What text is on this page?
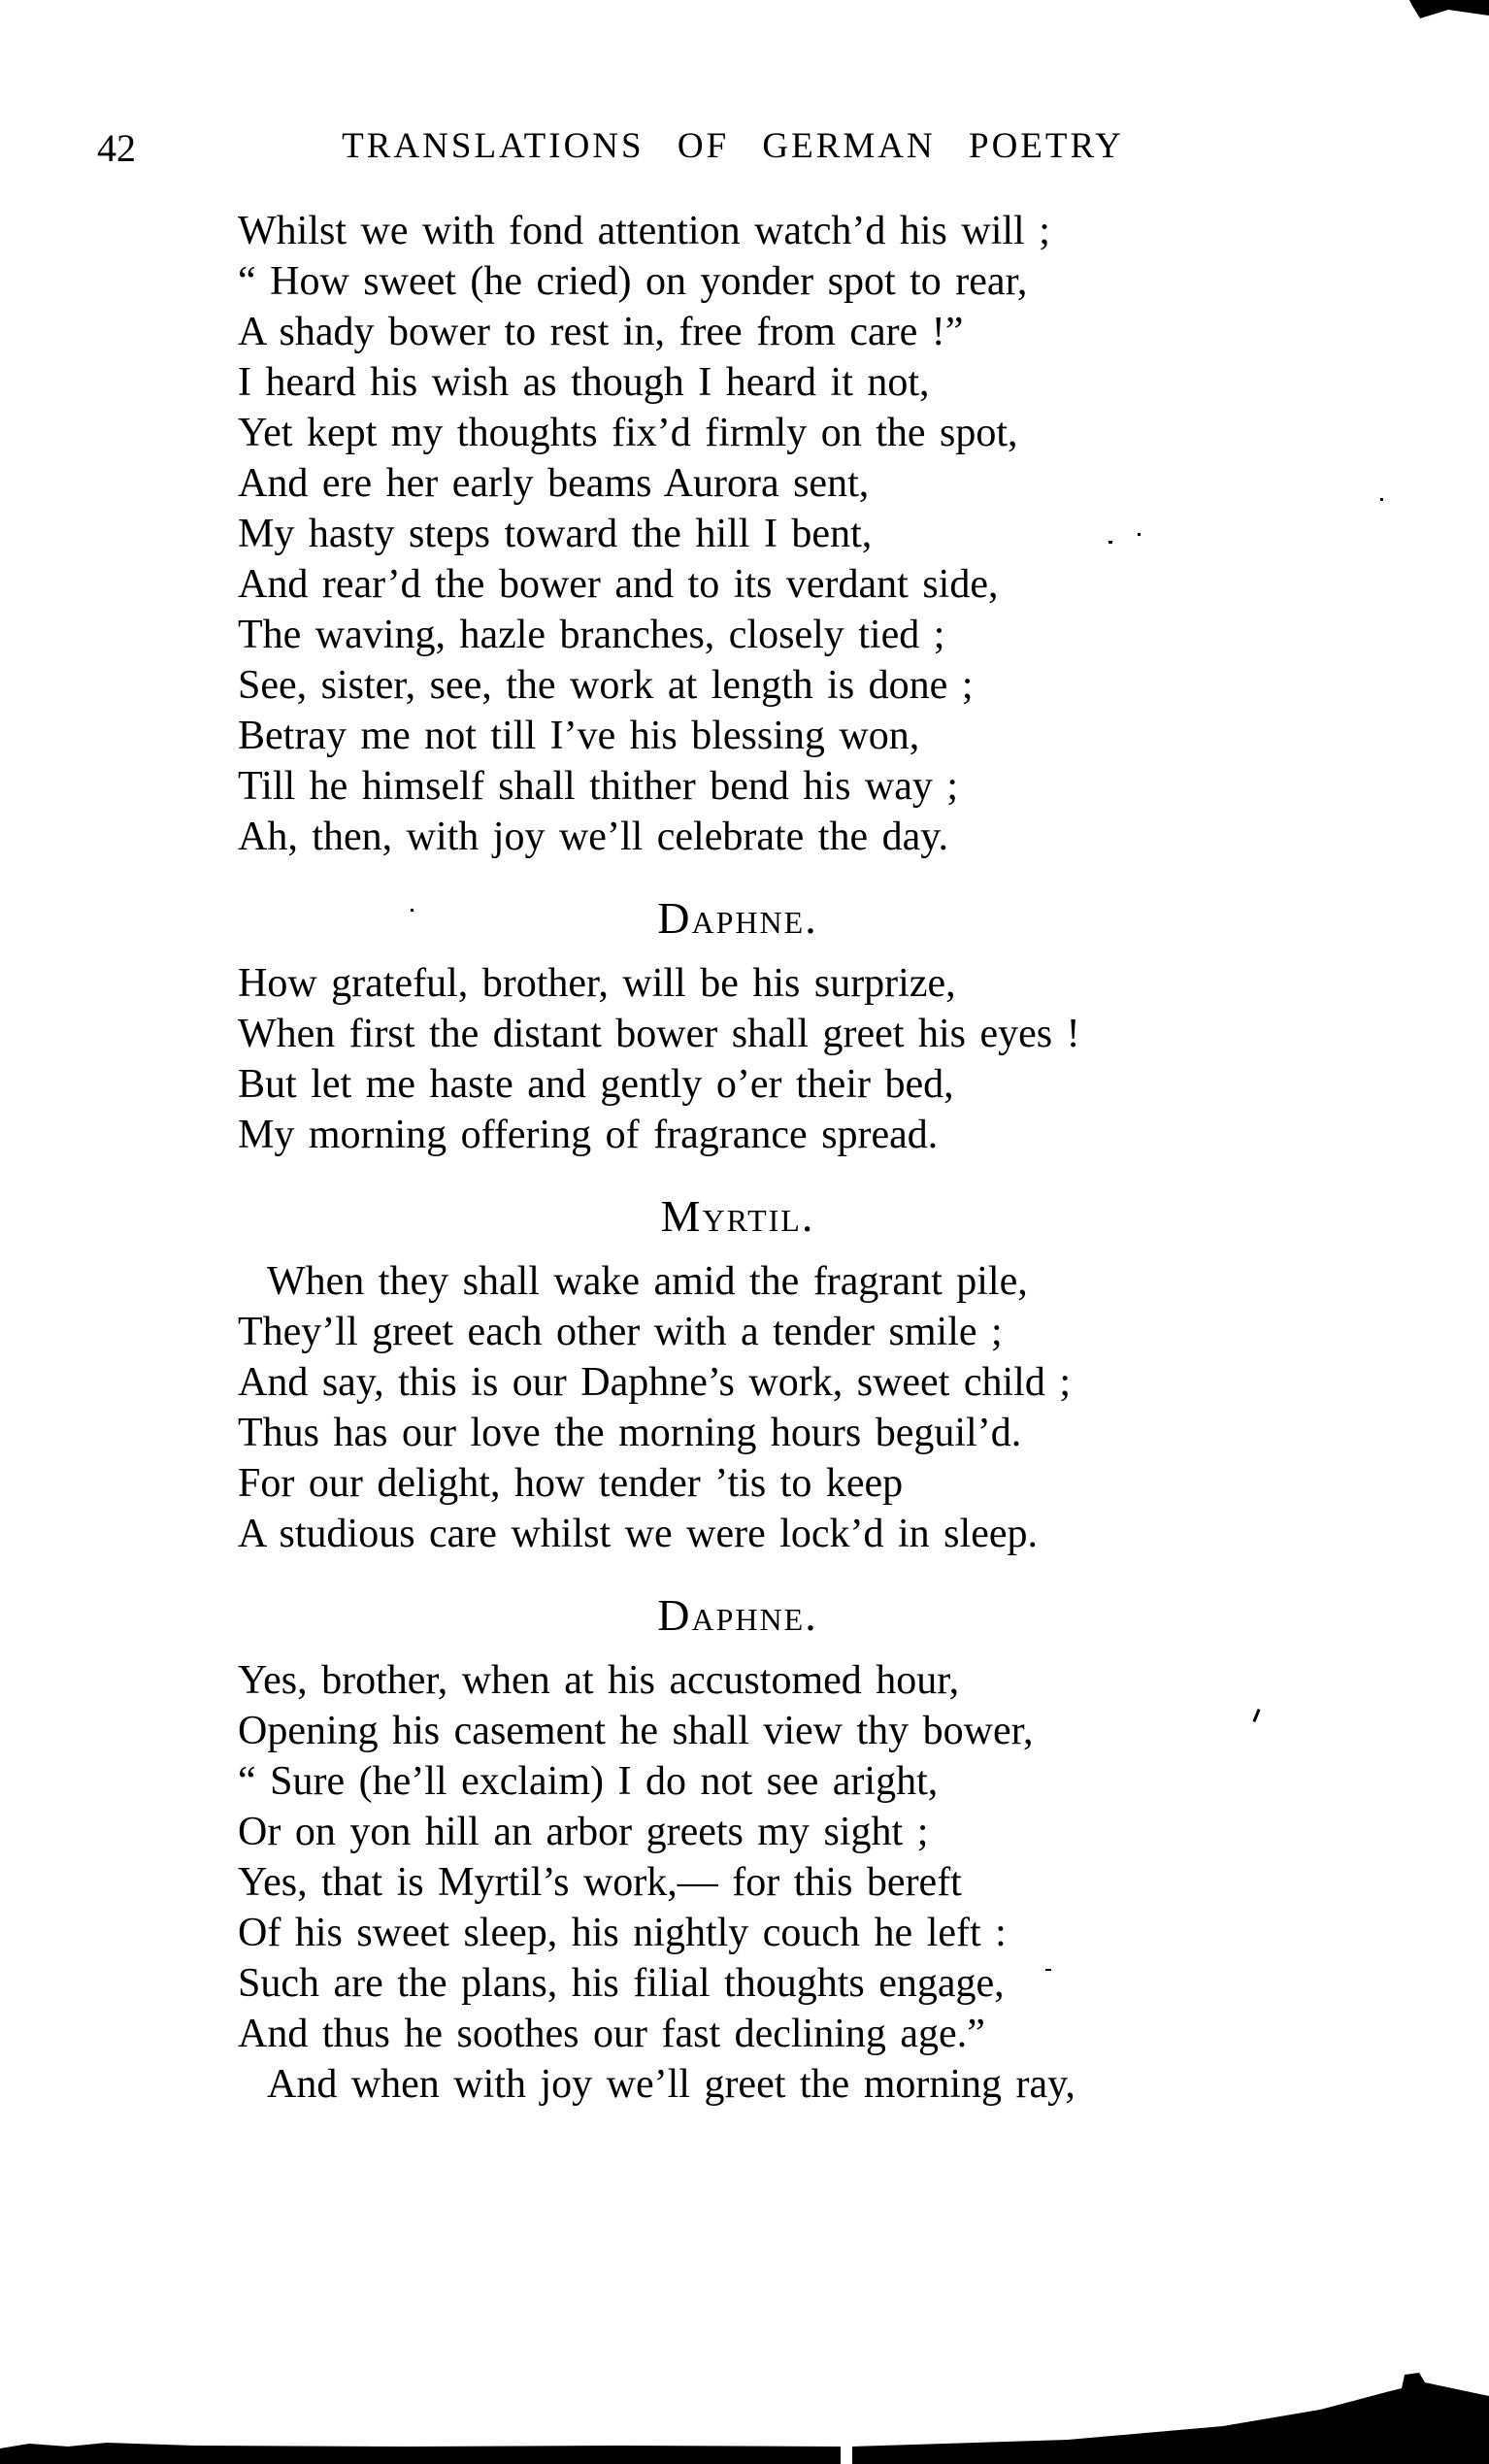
42	TRANSLATIONS OF GERMAN POETRY
Whilst we with fond attention watch’d his will ;
“ How sweet (he cried) on yonder spot to rear,
A shady bower to rest in, free from care !”
I heard his wish as though I heard it not,
Yet kept my thoughts fix’d firmly on the spot,
And ere her early beams Aurora sent,
My hasty steps toward the hill I bent,
And rear’d the bower and to its verdant side,
The waving, hazle branches, closely tied ;
See, sister, see, the work at length is done ;
Betray me not till I’ve his blessing won,
Till he himself shall thither bend his way ;
Ah, then, with joy we’ll celebrate the day.
Daphne.
How grateful, brother, will be his surprize,
When first the distant bower shall greet his eyes !
But let me haste and gently o’er their bed,
My morning offering of fragrance spread.
Myrtil.
When they shall wake amid the fragrant pile,
They’ll greet each other with a tender smile ;
And say, this is our Daphne’s work, sweet child ;
Thus has our love the morning hours beguil’d.
For our delight, how tender ’tis to keep
A studious care whilst we were lock’d in sleep.
Daphne.
Yes, brother, when at his accustomed hour,
Opening his casement he shall view thy bower,
“ Sure (he’ll exclaim) I do not see aright,
Or on yon hill an arbor greets my sight ;
Yes, that is Myrtil’s work,— for this bereft
Of his sweet sleep, his nightly couch he left :
Such are the plans, his filial thoughts engage,
And thus he soothes our fast declining age.”
And when with joy we’ll greet the morning ray,
